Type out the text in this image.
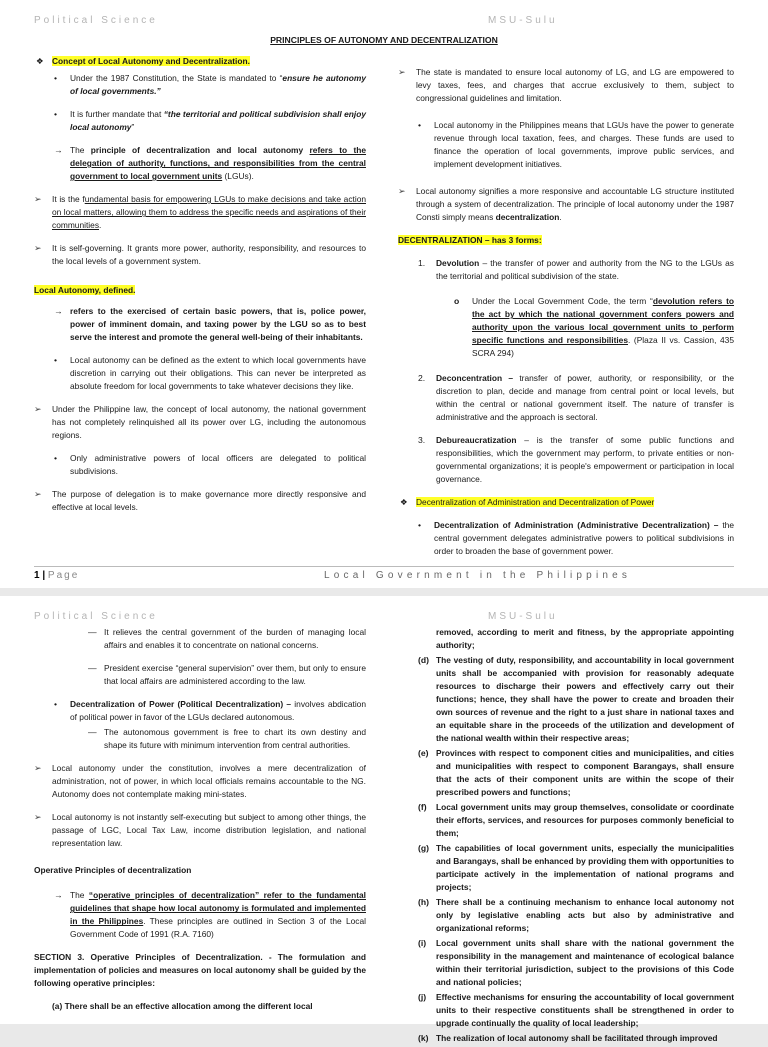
Political Science	MSU-Sulu
PRINCIPLES OF AUTONOMY AND DECENTRALIZATION
❖ Concept of Local Autonomy and Decentralization.
• Under the 1987 Constitution, the State is mandated to “ensure he autonomy of local governments.”
• It is further mandate that “the territorial and political subdivision shall enjoy local autonomy”
→ The principle of decentralization and local autonomy refers to the delegation of authority, functions, and responsibilities from the central government to local government units (LGUs).
➢ It is the fundamental basis for empowering LGUs to make decisions and take action on local matters, allowing them to address the specific needs and aspirations of their communities.
➢ It is self-governing. It grants more power, authority, responsibility, and resources to the local levels of a government system.
Local Autonomy, defined.
→ refers to the exercised of certain basic powers, that is, police power, power of imminent domain, and taxing power by the LGU so as to best serve the interest and promote the general well-being of their inhabitants.
• Local autonomy can be defined as the extent to which local governments have discretion in carrying out their obligations. This can never be interpreted as absolute freedom for local governments to take whatever decisions they like.
➢ Under the Philippine law, the concept of local autonomy, the national government has not completely relinquished all its power over LG, including the autonomous regions.
• Only administrative powers of local officers are delegated to political subdivisions.
➢ The purpose of delegation is to make governance more directly responsive and effective at local levels.
➢ The state is mandated to ensure local autonomy of LG, and LG are empowered to levy taxes, fees, and charges that accrue exclusively to them, subject to congressional guidelines and limitation.
• Local autonomy in the Philippines means that LGUs have the power to generate revenue through local taxation, fees, and charges. These funds are used to finance the operation of local governments, improve public services, and implement development initiatives.
➢ Local autonomy signifies a more responsive and accountable LG structure instituted through a system of decentralization. The principle of local autonomy under the 1987 Consti simply means decentralization.
DECENTRALIZATION – has 3 forms:
1. Devolution – the transfer of power and authority from the NG to the LGUs as the territorial and political subdivision of the state.
o Under the Local Government Code, the term “devolution refers to the act by which the national government confers powers and authority upon the various local government units to perform specific functions and responsibilities. (Plaza II vs. Cassion, 435 SCRA 294)
2. Deconcentration – transfer of power, authority, or responsibility, or the discretion to plan, decide and manage from central point or local levels, but within the central or national government itself. The nature of transfer is administrative and the approach is sectoral.
3. Debureaucratization – is the transfer of some public functions and responsibilities, which the government may perform, to private entities or non-governmental organizations; it is people's empowerment or participation in local governance.
❖ Decentralization of Administration and Decentralization of Power
• Decentralization of Administration (Administrative Decentralization) – the central government delegates administrative powers to political subdivisions in order to broaden the base of government power.
1 | Page	Local Government in the Philippines
Political Science	MSU-Sulu
— It relieves the central government of the burden of managing local affairs and enables it to concentrate on national concerns.
— President exercise “general supervision” over them, but only to ensure that local affairs are administered according to the law.
• Decentralization of Power (Political Decentralization) – involves abdication of political power in favor of the LGUs declared autonomous.
— The autonomous government is free to chart its own destiny and shape its future with minimum intervention from central authorities.
➢ Local autonomy under the constitution, involves a mere decentralization of administration, not of power, in which local officials remains accountable to the NG. Autonomy does not contemplate making mini-states.
➢ Local autonomy is not instantly self-executing but subject to among other things, the passage of LGC, Local Tax Law, income distribution legislation, and national representation law.
Operative Principles of decentralization
→ The “operative principles of decentralization” refer to the fundamental guidelines that shape how local autonomy is formulated and implemented in the Philippines. These principles are outlined in Section 3 of the Local Government Code of 1991 (R.A. 7160)
SECTION 3. Operative Principles of Decentralization. - The formulation and implementation of policies and measures on local autonomy shall be guided by the following operative principles:
(a) There shall be an effective allocation among the different local
removed, according to merit and fitness, by the appropriate appointing authority;
(d) The vesting of duty, responsibility, and accountability in local government units shall be accompanied with provision for reasonably adequate resources to discharge their powers and effectively carry out their functions; hence, they shall have the power to create and broaden their own sources of revenue and the right to a just share in national taxes and an equitable share in the proceeds of the utilization and development of the national wealth within their respective areas;
(e) Provinces with respect to component cities and municipalities, and cities and municipalities with respect to component Barangays, shall ensure that the acts of their component units are within the scope of their prescribed powers and functions;
(f) Local government units may group themselves, consolidate or coordinate their efforts, services, and resources for purposes commonly beneficial to them;
(g) The capabilities of local government units, especially the municipalities and Barangays, shall be enhanced by providing them with opportunities to participate actively in the implementation of national programs and projects;
(h) There shall be a continuing mechanism to enhance local autonomy not only by legislative enabling acts but also by administrative and organizational reforms;
(i) Local government units shall share with the national government the responsibility in the management and maintenance of ecological balance within their territorial jurisdiction, subject to the provisions of this Code and national policies;
(j) Effective mechanisms for ensuring the accountability of local government units to their respective constituents shall be strengthened in order to upgrade continually the quality of local leadership;
(k) The realization of local autonomy shall be facilitated through improved
